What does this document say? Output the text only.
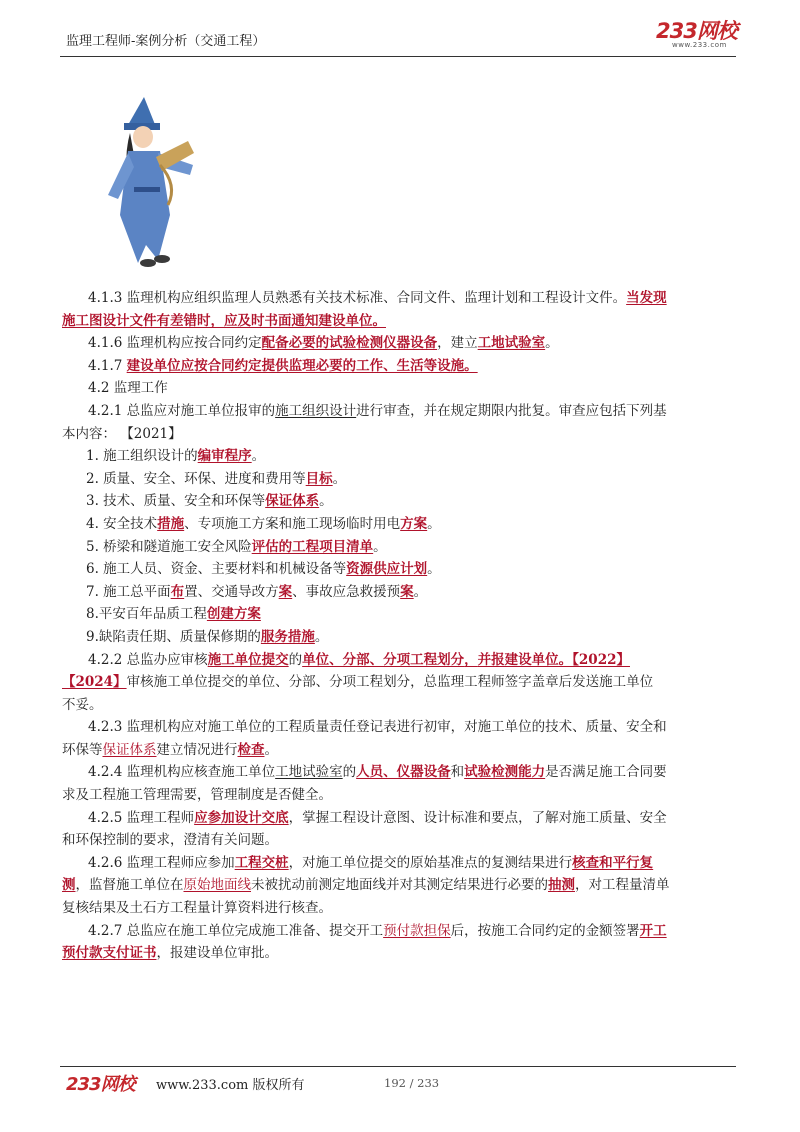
监理工程师-案例分析（交通工程）	233网校
www.233.com

4.1.3 监理机构应组织监理人员熟悉有关技术标准、合同文件、监理计划和工程设计文件。当发现

施工图设计文件有差错时，应及时书面通知建设单位。

4.1.6 监理机构应按合同约定配备必要的试验检测仪器设备，建立工地试验室。

4.1.7 建设单位应按合同约定提供监理必要的工作、生活等设施。

4.2 监理工作

4.2.1 总监应对施工单位报审的施工组织设计进行审查，并在规定期限内批复。审查应包括下列基

本内容： 【2021】

1. 施工组织设计的编审程序。

2. 质量、安全、环保、进度和费用等目标。

3. 技术、质量、安全和环保等保证体系。

4. 安全技术措施、专项施工方案和施工现场临时用电方案。

5. 桥梁和隧道施工安全风险评估的工程项目清单。

6. 施工人员、资金、主要材料和机械设备等资源供应计划。

7. 施工总平面布置、交通导改方案、事故应急救援预案。

8.平安百年品质工程创建方案

9.缺陷责任期、质量保修期的服务措施。

4.2.2 总监办应审核施工单位提交的单位、分部、分项工程划分，并报建设单位。【2022】

【2024】审核施工单位提交的单位、分部、分项工程划分，总监理工程师签字盖章后发送施工单位

不妥。

4.2.3 监理机构应对施工单位的工程质量责任登记表进行初审，对施工单位的技术、质量、安全和

环保等保证体系建立情况进行检查。

4.2.4 监理机构应核查施工单位工地试验室的人员、仪器设备和试验检测能力是否满足施工合同要

求及工程施工管理需要，管理制度是否健全。

4.2.5 监理工程师应参加设计交底，掌握工程设计意图、设计标准和要点，了解对施工质量、安全

和环保控制的要求，澄清有关问题。

4.2.6 监理工程师应参加工程交桩，对施工单位提交的原始基准点的复测结果进行核查和平行复

测，监督施工单位在原始地面线未被扰动前测定地面线并对其测定结果进行必要的抽测，对工程量清单

复核结果及土石方工程量计算资料进行核查。

4.2.7 总监应在施工单位完成施工准备、提交开工预付款担保后，按施工合同约定的金额签署开工

预付款支付证书，报建设单位审批。

233网校 www.233.com 版权所有	192 / 233
